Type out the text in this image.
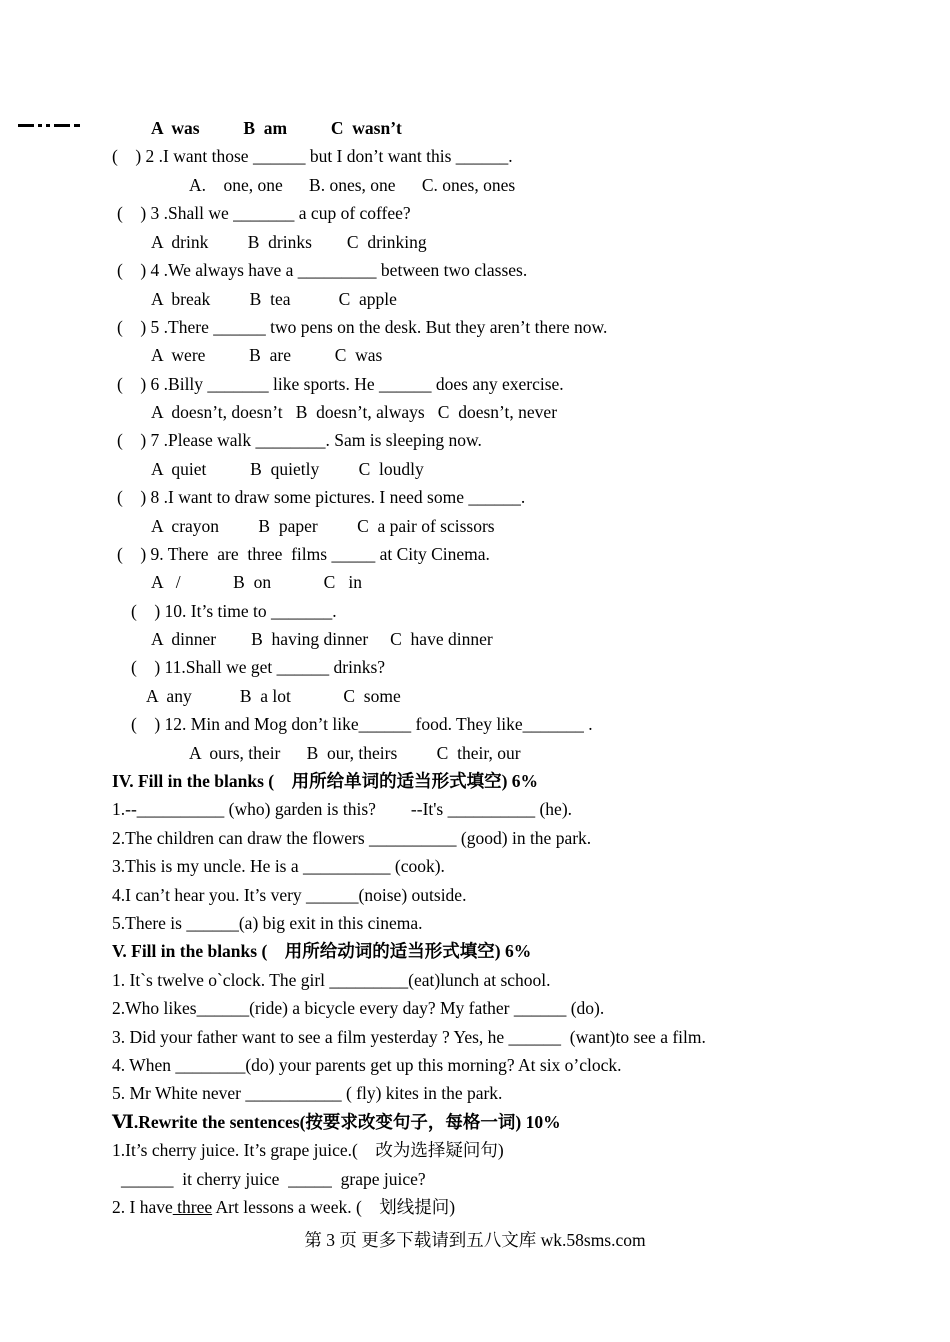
A  was          B  am          C  wasn’t
(    ) 2 .I want those ______ but I don’t want this ______.
A.    one, one      B. ones, one      C. ones, ones
(    ) 3 .Shall we _______ a cup of coffee?
A  drink         B  drinks        C  drinking
(    ) 4 .We always have a _________ between two classes.
A  break         B  tea           C  apple
(    ) 5 .There ______ two pens on the desk. But they aren’t there now.
A  were          B  are          C  was
(    ) 6 .Billy _______ like sports. He ______ does any exercise.
A  doesn’t, doesn’t   B  doesn’t, always   C  doesn’t, never
(    ) 7 .Please walk ________. Sam is sleeping now.
A  quiet          B  quietly         C  loudly
(    ) 8 .I want to draw some pictures. I need some ______.
A  crayon         B  paper         C  a pair of scissors
(    ) 9. There  are  three  films _____ at City Cinema.
A   /            B  on            C   in
(    ) 10. It’s time to _______.
A  dinner        B  having dinner     C  have dinner
(    ) 11.Shall we get ______ drinks?
A  any           B  a lot            C  some
(    ) 12. Min and Mog don’t like______ food. They like_______ .
A  ours, their      B  our, theirs         C  their, our
IV. Fill in the blanks (    用所给单词的适当形式填空) 6%
1.--__________ (who) garden is this?        --It's __________ (he).
2.The children can draw the flowers __________ (good) in the park.
3.This is my uncle. He is a __________ (cook).
4.I can’t hear you. It’s very ______(noise) outside.
5.There is ______(a) big exit in this cinema.
V. Fill in the blanks (    用所给动词的适当形式填空) 6%
1. It`s twelve o`clock. The girl _________(eat)lunch at school.
2.Who likes______(ride) a bicycle every day? My father ______ (do).
3. Did your father want to see a film yesterday ? Yes, he ______  (want)to see a film.
4. When ________(do) your parents get up this morning? At six o’clock.
5. Mr White never ___________ ( fly) kites in the park.
Ⅵ.Rewrite the sentences(按要求改变句子，每格一词) 10%
1.It’s cherry juice. It’s grape juice.(    改为选择疑问句)
______  it cherry juice  _____  grape juice?
2. I have three Art lessons a week. (    划线提问)
第 3 页 更多下载请到五八文库 wk.58sms.com
